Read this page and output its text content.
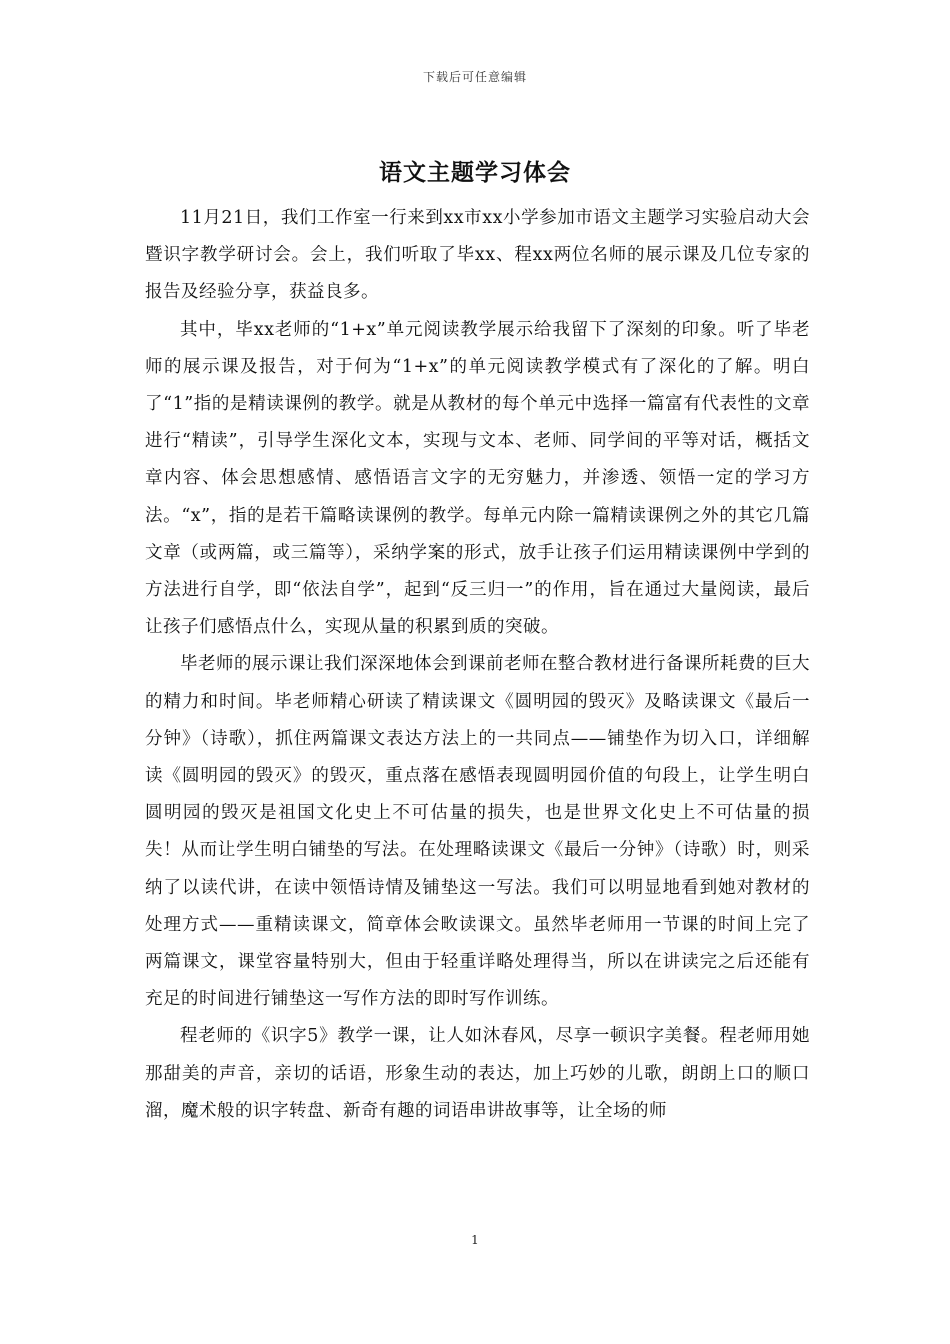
下载后可任意编辑
语文主题学习体会

11月21日，我们工作室一行来到xx市xx小学参加市语文主题学习实验启动大会暨识字教学研讨会。会上，我们听取了毕xx、程xx两位名师的展示课及几位专家的报告及经验分享，获益良多。

其中，毕xx老师的“1+x”单元阅读教学展示给我留下了深刻的印象。听了毕老师的展示课及报告，对于何为“1+x”的单元阅读教学模式有了深化的了解。明白了“1”指的是精读课例的教学。就是从教材的每个单元中选择一篇富有代表性的文章进行“精读”，引导学生深化文本，实现与文本、老师、同学间的平等对话，概括文章内容、体会思想感情、感悟语言文字的无穷魅力，并渗透、领悟一定的学习方法。“x”，指的是若干篇略读课例的教学。每单元内除一篇精读课例之外的其它几篇文章（或两篇，或三篇等），采纳学案的形式，放手让孩子们运用精读课例中学到的方法进行自学，即“依法自学”，起到“反三归一”的作用，旨在通过大量阅读，最后让孩子们感悟点什么，实现从量的积累到质的突破。

毕老师的展示课让我们深深地体会到课前老师在整合教材进行备课所耗费的巨大的精力和时间。毕老师精心研读了精读课文《圆明园的毁灭》及略读课文《最后一分钟》（诗歌），抓住两篇课文表达方法上的一共同点——铺垫作为切入口，详细解读《圆明园的毁灭》的毁灭，重点落在感悟表现圆明园价值的句段上，让学生明白圆明园的毁灭是祖国文化史上不可估量的损失，也是世界文化史上不可估量的损失！从而让学生明白铺垫的写法。在处理略读课文《最后一分钟》（诗歌）时，则采纳了以读代讲，在读中领悟诗情及铺垫这一写法。我们可以明显地看到她对教材的处理方式——重精读课文，简章体会畋读课文。虽然毕老师用一节课的时间上完了两篇课文，课堂容量特别大，但由于轻重详略处理得当，所以在讲读完之后还能有充足的时间进行铺垫这一写作方法的即时写作训练。

程老师的《识字5》教学一课，让人如沐春风，尽享一顿识字美餐。程老师用她那甜美的声音，亲切的话语，形象生动的表达，加上巧妙的儿歌，朗朗上口的顺口溜，魔术般的识字转盘、新奇有趣的词语串讲故事等，让全场的师

1
